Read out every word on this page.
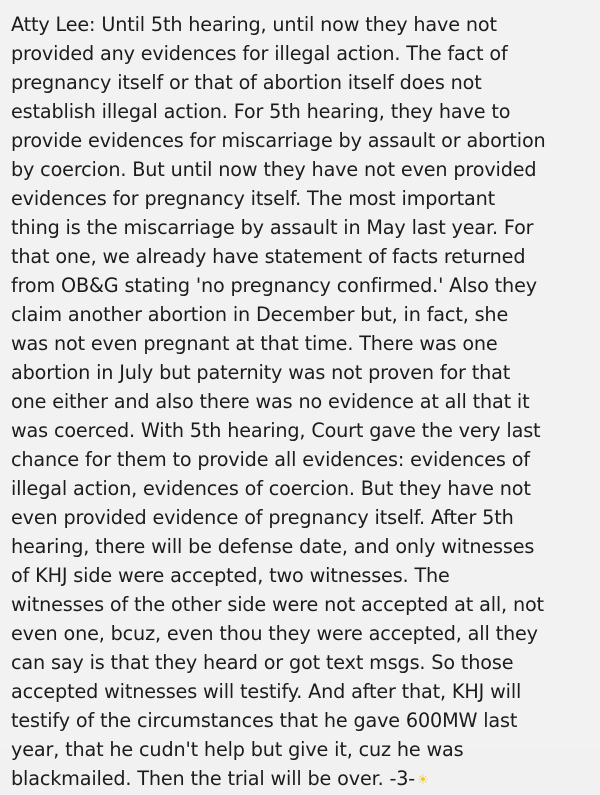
Atty Lee: Until 5th hearing, until now they have not
provided any evidences for illegal action. The fact of
pregnancy itself or that of abortion itself does not
establish illegal action. For 5th hearing, they have to
provide evidences for miscarriage by assault or abortion
by coercion. But until now they have not even provided
evidences for pregnancy itself. The most important
thing is the miscarriage by assault in May last year. For
that one, we already have statement of facts returned
from OB&G stating 'no pregnancy confirmed.' Also they
claim another abortion in December but, in fact, she
was not even pregnant at that time. There was one
abortion in July but paternity was not proven for that
one either and also there was no evidence at all that it
was coerced. With 5th hearing, Court gave the very last
chance for them to provide all evidences: evidences of
illegal action, evidences of coercion. But they have not
even provided evidence of pregnancy itself. After 5th
hearing, there will be defense date, and only witnesses
of KHJ side were accepted, two witnesses. The
witnesses of the other side were not accepted at all, not
even one, bcuz, even thou they were accepted, all they
can say is that they heard or got text msgs. So those
accepted witnesses will testify. And after that, KHJ will
testify of the circumstances that he gave 600MW last
year, that he cudn't help but give it, cuz he was
blackmailed. Then the trial will be over. -3- ☀
